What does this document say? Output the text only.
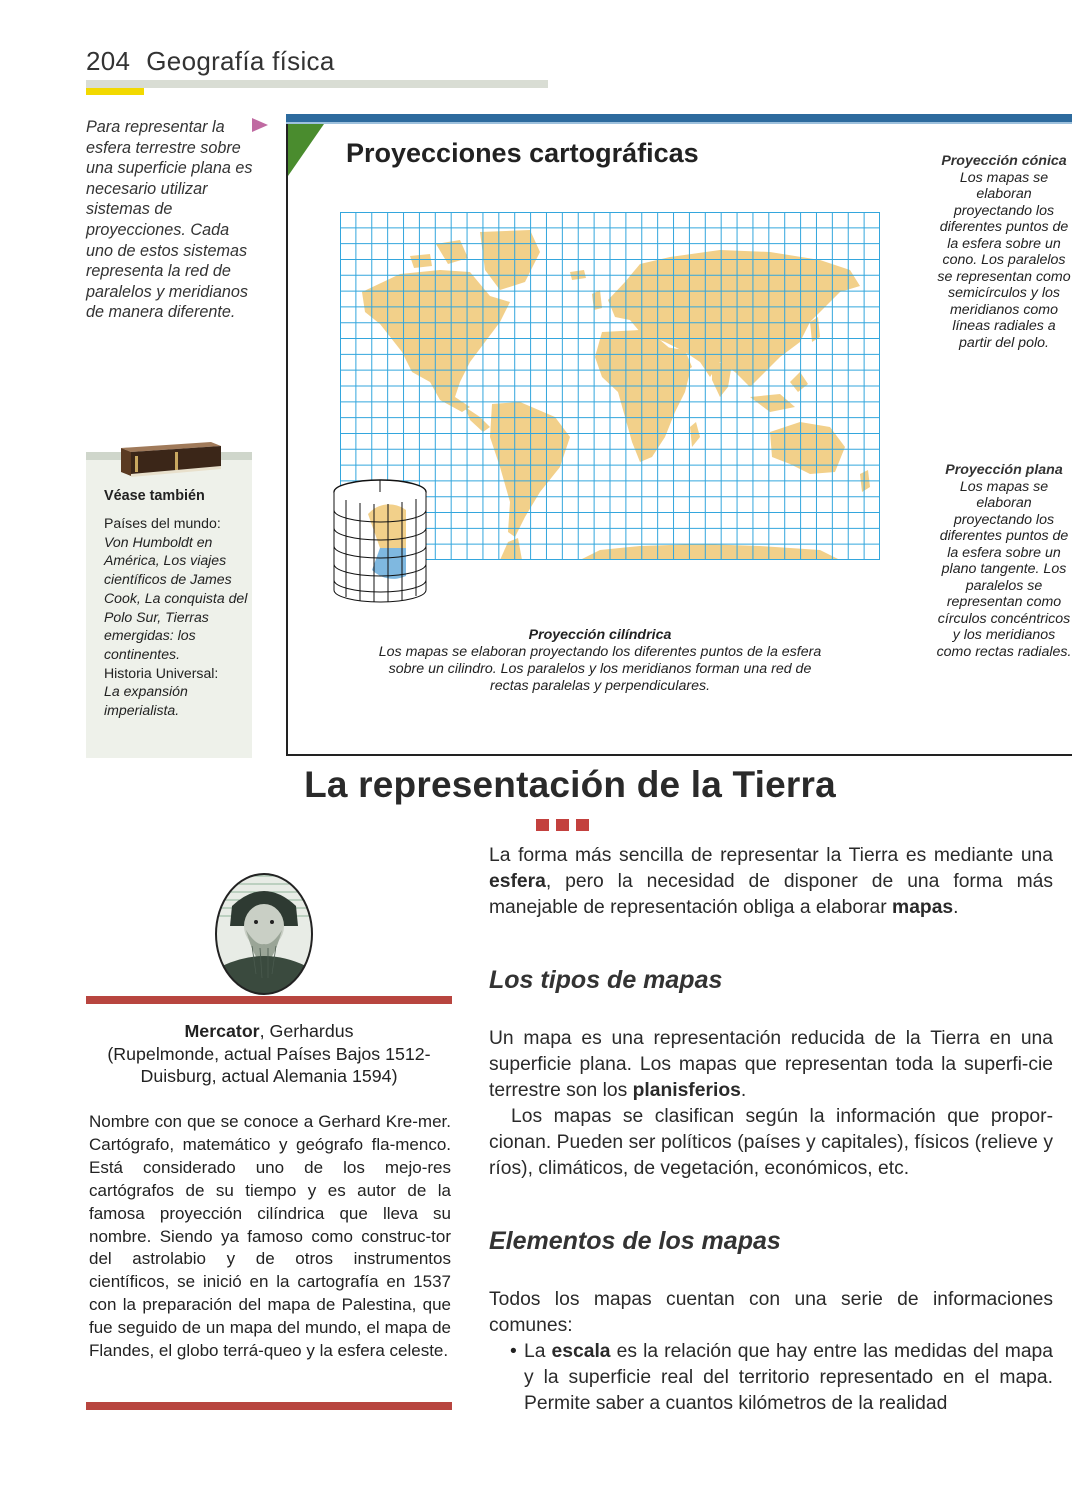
204 Geografía física

Para representar la esfera terrestre sobre una superficie plana es necesario utilizar sistemas de proyecciones. Cada uno de estos sistemas representa la red de paralelos y meridianos de manera diferente.

Véase también
Países del mundo:
Von Humboldt en América, Los viajes científicos de James Cook, La conquista del Polo Sur, Tierras emergidas: los continentes.
Historia Universal:
La expansión imperialista.
Proyecciones cartográficas
Proyección cilíndrica
Los mapas se elaboran proyectando los diferentes puntos de la esfera sobre un cilindro. Los paralelos y los meridianos forman una red de rectas paralelas y perpendiculares.
Proyección cónica
Los mapas se elaboran proyectando los diferentes puntos de la esfera sobre un cono. Los paralelos se representan como semicírculos y los meridianos como líneas radiales a partir del polo.
Proyección plana
Los mapas se elaboran proyectando los diferentes puntos de la esfera sobre un plano tangente. Los paralelos se representan como círculos concéntricos y los meridianos como rectas radiales.
La representación de la Tierra

La forma más sencilla de representar la Tierra es mediante una esfera, pero la necesidad de disponer de una forma más manejable de representación obliga a elaborar mapas.

Los tipos de mapas

Un mapa es una representación reducida de la Tierra en una superficie plana. Los mapas que representan toda la superfi-cie terrestre son los planisferios.

Los mapas se clasifican según la información que propor-cionan. Pueden ser políticos (países y capitales), físicos (relieve y ríos), climáticos, de vegetación, económicos, etc.

Elementos de los mapas

Todos los mapas cuentan con una serie de informaciones comunes:

• La escala es la relación que hay entre las medidas del mapa y la superficie real del territorio representado en el mapa. Permite saber a cuantos kilómetros de la realidad

Mercator, Gerhardus
(Rupelmonde, actual Países Bajos 1512-Duisburg, actual Alemania 1594)

Nombre con que se conoce a Gerhard Kre-mer. Cartógrafo, matemático y geógrafo fla-menco. Está considerado uno de los mejo-res cartógrafos de su tiempo y es autor de la famosa proyección cilíndrica que lleva su nombre. Siendo ya famoso como construc-tor del astrolabio y de otros instrumentos científicos, se inició en la cartografía en 1537 con la preparación del mapa de Palestina, que fue seguido de un mapa del mundo, el mapa de Flandes, el globo terrá-queo y la esfera celeste.
